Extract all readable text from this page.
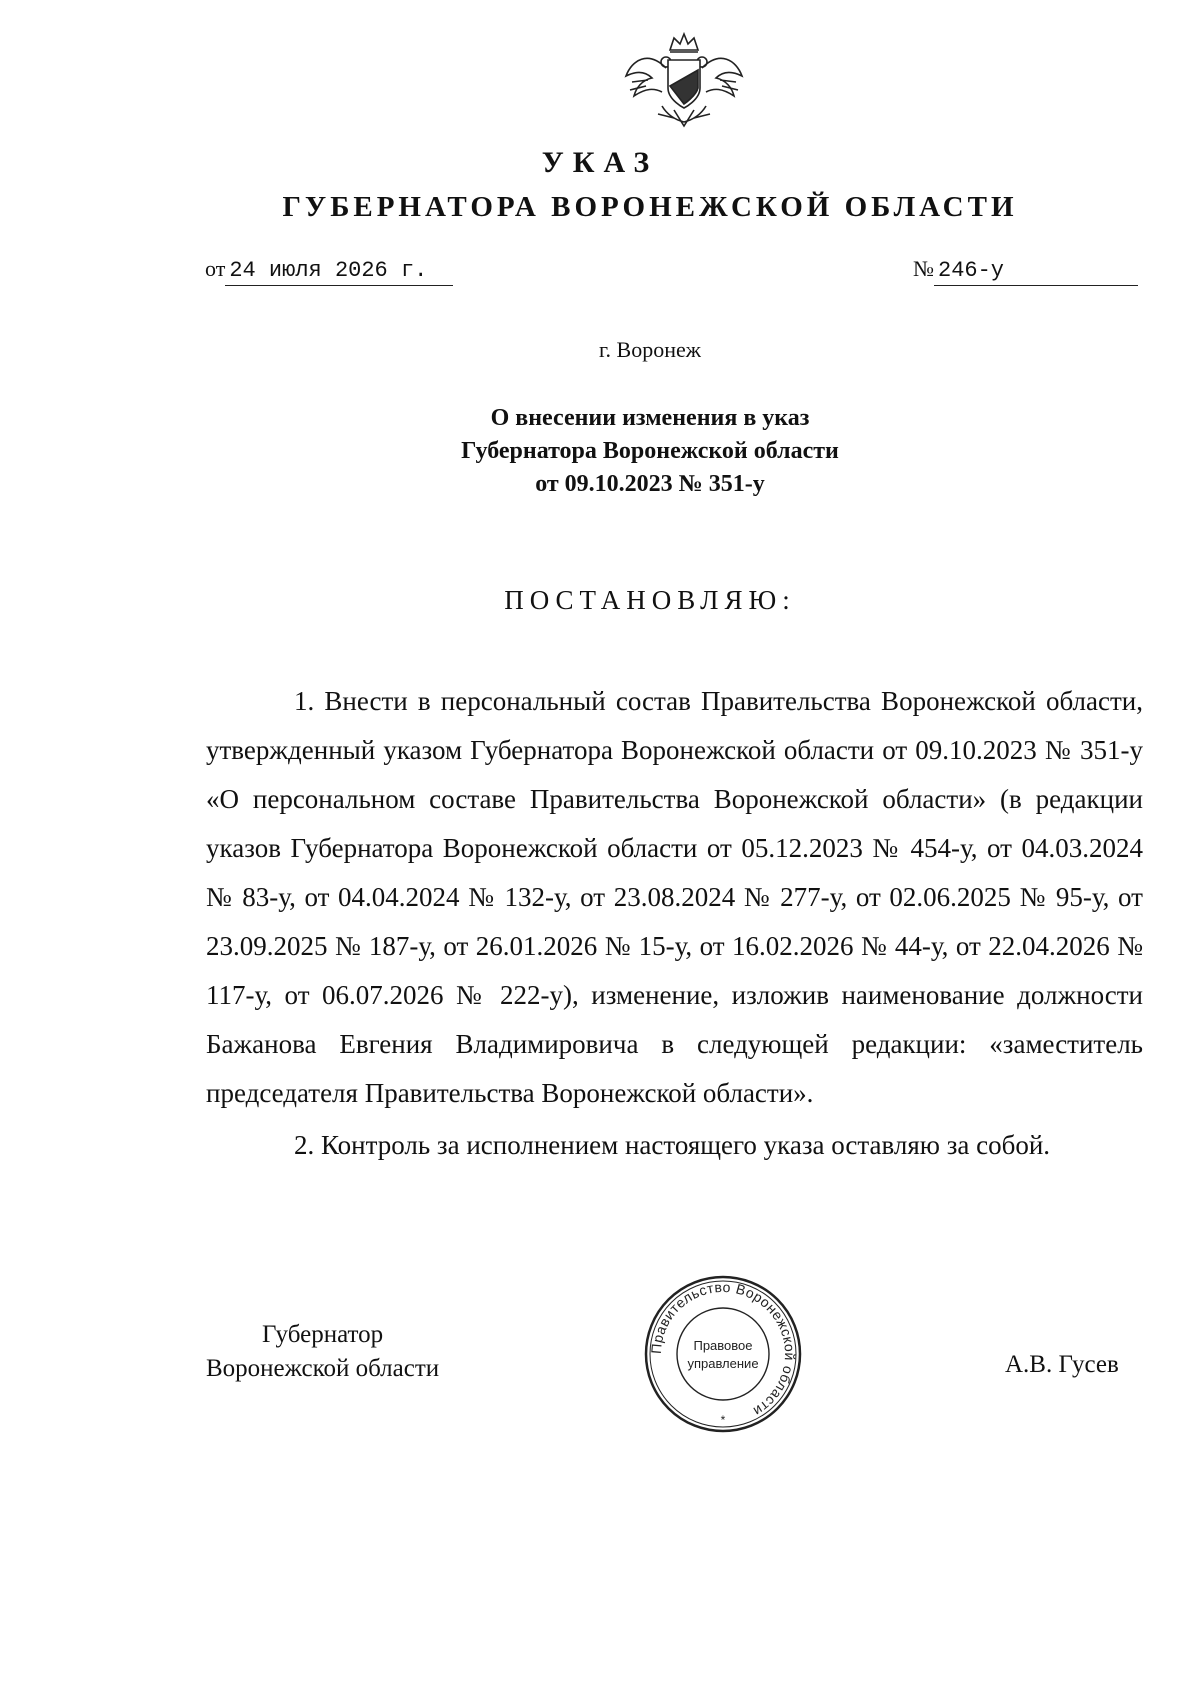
УКАЗ
ГУБЕРНАТОРА ВОРОНЕЖСКОЙ ОБЛАСТИ
от 24 июля 2026 г.	№ 246-у
г. Воронеж
О внесении изменения в указ
Губернатора Воронежской области
от 09.10.2023 № 351-у
ПОСТАНОВЛЯЮ:

1. Внести в персональный состав Правительства Воронежской области, утвержденный указом Губернатора Воронежской области от 09.10.2023 № 351-у «О персональном составе Правительства Воронежской области» (в редакции указов Губернатора Воронежской области от 05.12.2023 № 454-у, от 04.03.2024 № 83-у, от 04.04.2024 № 132-у, от 23.08.2024 № 277-у, от 02.06.2025 № 95-у, от 23.09.2025 № 187-у, от 26.01.2026 № 15-у, от 16.02.2026 № 44-у, от 22.04.2026 № 117-у, от 06.07.2026 № 222-у), изменение, изложив наименование должности Бажанова Евгения Владимировича в следующей редакции: «заместитель председателя Правительства Воронежской области».

2. Контроль за исполнением настоящего указа оставляю за собой.

Губернатор
Воронежской области
Правительство Воронежской области
Правовое
управление
*
А.В. Гусев
